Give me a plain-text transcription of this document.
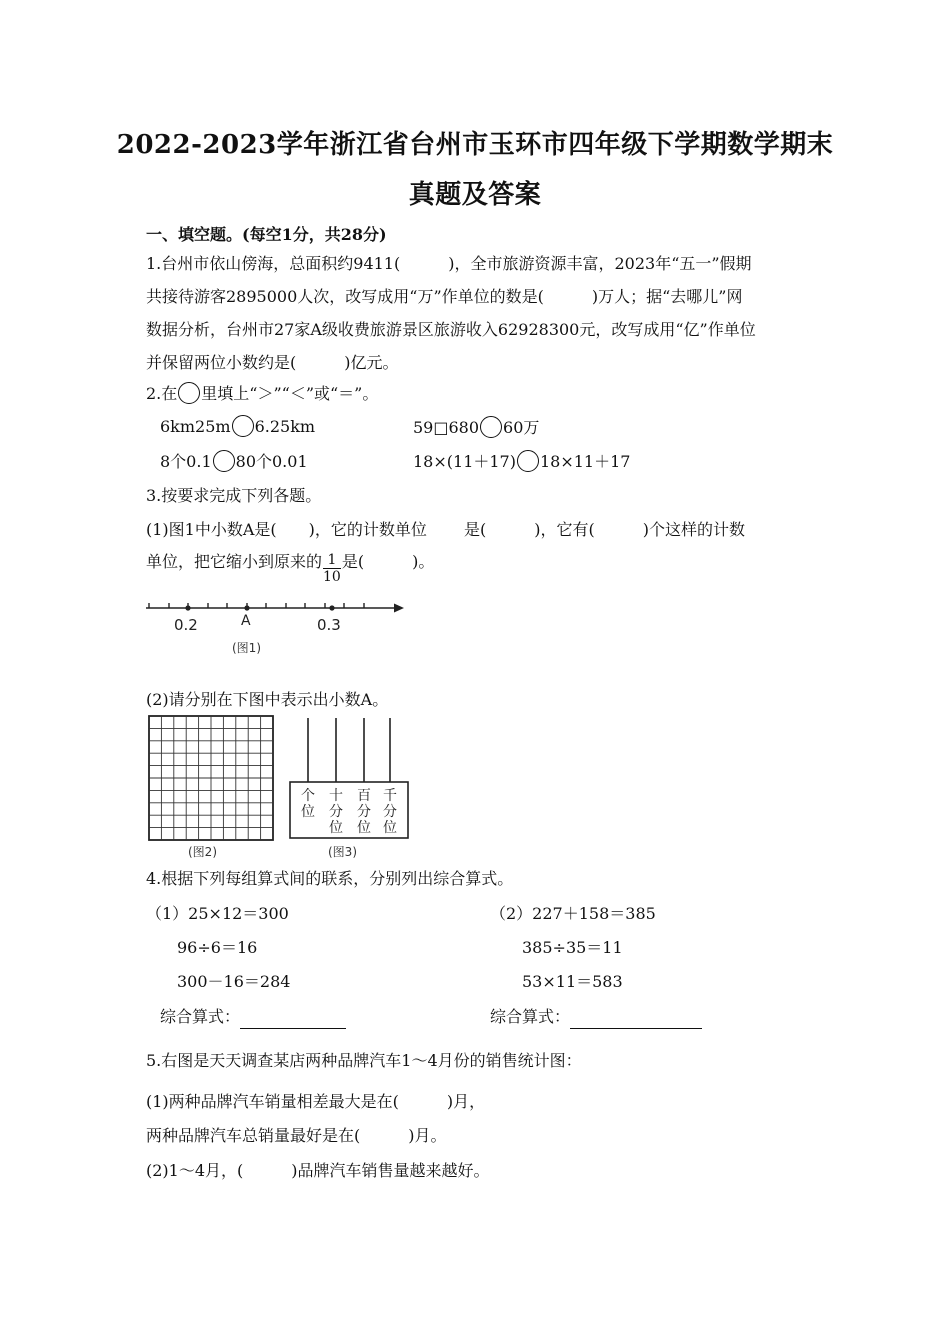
2022-2023学年浙江省台州市玉环市四年级下学期数学期末
真题及答案
一、填空题。(每空1分，共28分)
1.台州市依山傍海，总面积约9411(　　　)，全市旅游资源丰富，2023年“五一”假期
共接待游客2895000人次，改写成用“万”作单位的数是(　　　)万人；据“去哪儿”网
数据分析，台州市27家A级收费旅游景区旅游收入62928300元，改写成用“亿”作单位
并保留两位小数约是(　　　)亿元。
2.在 里填上“＞”“＜”或“＝”。
6km25m 6.25km	59□680 60万
8个0.1 80个0.01	18×(11＋17) 18×11＋17
3.按要求完成下列各题。
(1)图1中小数A是(　　)，它的计数单位　　 是(　　　)，它有(　　　)个这样的计数
单位，把它缩小到原来的 $\frac{1}{10}$ 是(　　　)。
0.2	A	0.3
(图1)
(2)请分别在下图中表示出小数A。
(图2)
个
位
十
分
位
百
分
位
千
分
位
(图3)
4.根据下列每组算式间的联系，分别列出综合算式。
（1）25×12＝300
96÷6＝16
300－16＝284
（2）227＋158＝385
385÷35＝11
53×11＝583
综合算式：	综合算式：
5.右图是天天调查某店两种品牌汽车1～4月份的销售统计图：
(1)两种品牌汽车销量相差最大是在(　　　)月，
两种品牌汽车总销量最好是在(　　　)月。
(2)1～4月，(　　　)品牌汽车销售量越来越好。
